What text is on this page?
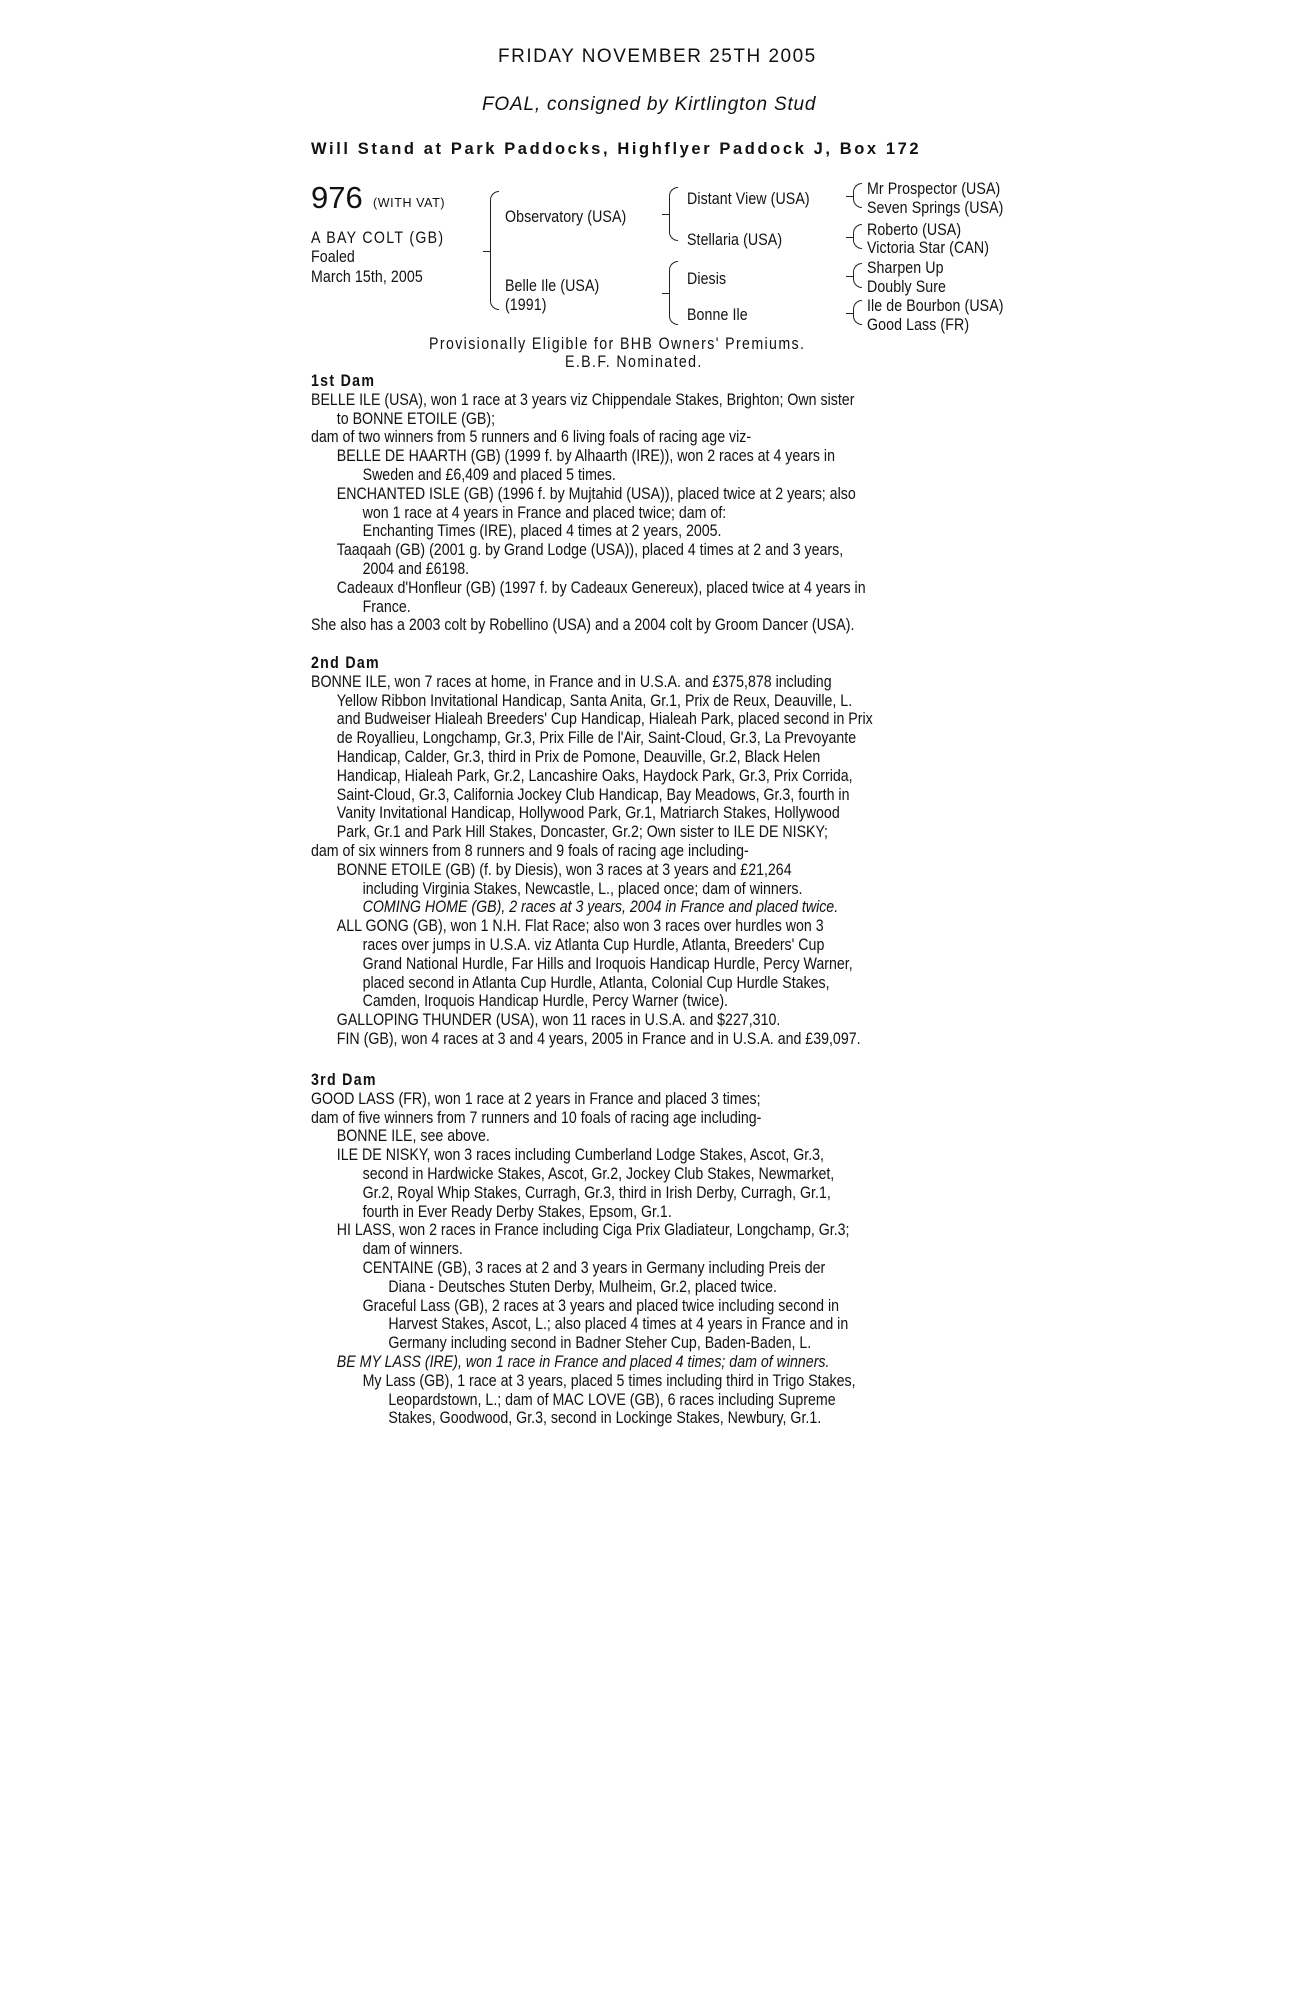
FRIDAY NOVEMBER 25TH 2005
FOAL, consigned by Kirtlington Stud
Will Stand at Park Paddocks, Highflyer Paddock J, Box 172
976 (WITH VAT)
A BAY COLT (GB)
Foaled
March 15th, 2005
Observatory (USA)
Belle Ile (USA)
(1991)
Distant View (USA)
Stellaria (USA)
Diesis
Bonne Ile
Mr Prospector (USA)
Seven Springs (USA)
Roberto (USA)
Victoria Star (CAN)
Sharpen Up
Doubly Sure
Ile de Bourbon (USA)
Good Lass (FR)
Provisionally Eligible for BHB Owners' Premiums.
E.B.F. Nominated.
1st Dam
BELLE ILE (USA), won 1 race at 3 years viz Chippendale Stakes, Brighton; Own sister
to BONNE ETOILE (GB);
dam of two winners from 5 runners and 6 living foals of racing age viz-
BELLE DE HAARTH (GB) (1999 f. by Alhaarth (IRE)), won 2 races at 4 years in
Sweden and £6,409 and placed 5 times.
ENCHANTED ISLE (GB) (1996 f. by Mujtahid (USA)), placed twice at 2 years; also
won 1 race at 4 years in France and placed twice; dam of:
Enchanting Times (IRE), placed 4 times at 2 years, 2005.
Taaqaah (GB) (2001 g. by Grand Lodge (USA)), placed 4 times at 2 and 3 years,
2004 and £6198.
Cadeaux d'Honfleur (GB) (1997 f. by Cadeaux Genereux), placed twice at 4 years in
France.
She also has a 2003 colt by Robellino (USA) and a 2004 colt by Groom Dancer (USA).
2nd Dam
BONNE ILE, won 7 races at home, in France and in U.S.A. and £375,878 including
Yellow Ribbon Invitational Handicap, Santa Anita, Gr.1, Prix de Reux, Deauville, L.
and Budweiser Hialeah Breeders' Cup Handicap, Hialeah Park, placed second in Prix
de Royallieu, Longchamp, Gr.3, Prix Fille de l'Air, Saint-Cloud, Gr.3, La Prevoyante
Handicap, Calder, Gr.3, third in Prix de Pomone, Deauville, Gr.2, Black Helen
Handicap, Hialeah Park, Gr.2, Lancashire Oaks, Haydock Park, Gr.3, Prix Corrida,
Saint-Cloud, Gr.3, California Jockey Club Handicap, Bay Meadows, Gr.3, fourth in
Vanity Invitational Handicap, Hollywood Park, Gr.1, Matriarch Stakes, Hollywood
Park, Gr.1 and Park Hill Stakes, Doncaster, Gr.2; Own sister to ILE DE NISKY;
dam of six winners from 8 runners and 9 foals of racing age including-
BONNE ETOILE (GB) (f. by Diesis), won 3 races at 3 years and £21,264
including Virginia Stakes, Newcastle, L., placed once; dam of winners.
COMING HOME (GB), 2 races at 3 years, 2004 in France and placed twice.
ALL GONG (GB), won 1 N.H. Flat Race; also won 3 races over hurdles won 3
races over jumps in U.S.A. viz Atlanta Cup Hurdle, Atlanta, Breeders' Cup
Grand National Hurdle, Far Hills and Iroquois Handicap Hurdle, Percy Warner,
placed second in Atlanta Cup Hurdle, Atlanta, Colonial Cup Hurdle Stakes,
Camden, Iroquois Handicap Hurdle, Percy Warner (twice).
GALLOPING THUNDER (USA), won 11 races in U.S.A. and $227,310.
FIN (GB), won 4 races at 3 and 4 years, 2005 in France and in U.S.A. and £39,097.
3rd Dam
GOOD LASS (FR), won 1 race at 2 years in France and placed 3 times;
dam of five winners from 7 runners and 10 foals of racing age including-
BONNE ILE, see above.
ILE DE NISKY, won 3 races including Cumberland Lodge Stakes, Ascot, Gr.3,
second in Hardwicke Stakes, Ascot, Gr.2, Jockey Club Stakes, Newmarket,
Gr.2, Royal Whip Stakes, Curragh, Gr.3, third in Irish Derby, Curragh, Gr.1,
fourth in Ever Ready Derby Stakes, Epsom, Gr.1.
HI LASS, won 2 races in France including Ciga Prix Gladiateur, Longchamp, Gr.3;
dam of winners.
CENTAINE (GB), 3 races at 2 and 3 years in Germany including Preis der
Diana - Deutsches Stuten Derby, Mulheim, Gr.2, placed twice.
Graceful Lass (GB), 2 races at 3 years and placed twice including second in
Harvest Stakes, Ascot, L.; also placed 4 times at 4 years in France and in
Germany including second in Badner Steher Cup, Baden-Baden, L.
BE MY LASS (IRE), won 1 race in France and placed 4 times; dam of winners.
My Lass (GB), 1 race at 3 years, placed 5 times including third in Trigo Stakes,
Leopardstown, L.; dam of MAC LOVE (GB), 6 races including Supreme
Stakes, Goodwood, Gr.3, second in Lockinge Stakes, Newbury, Gr.1.
